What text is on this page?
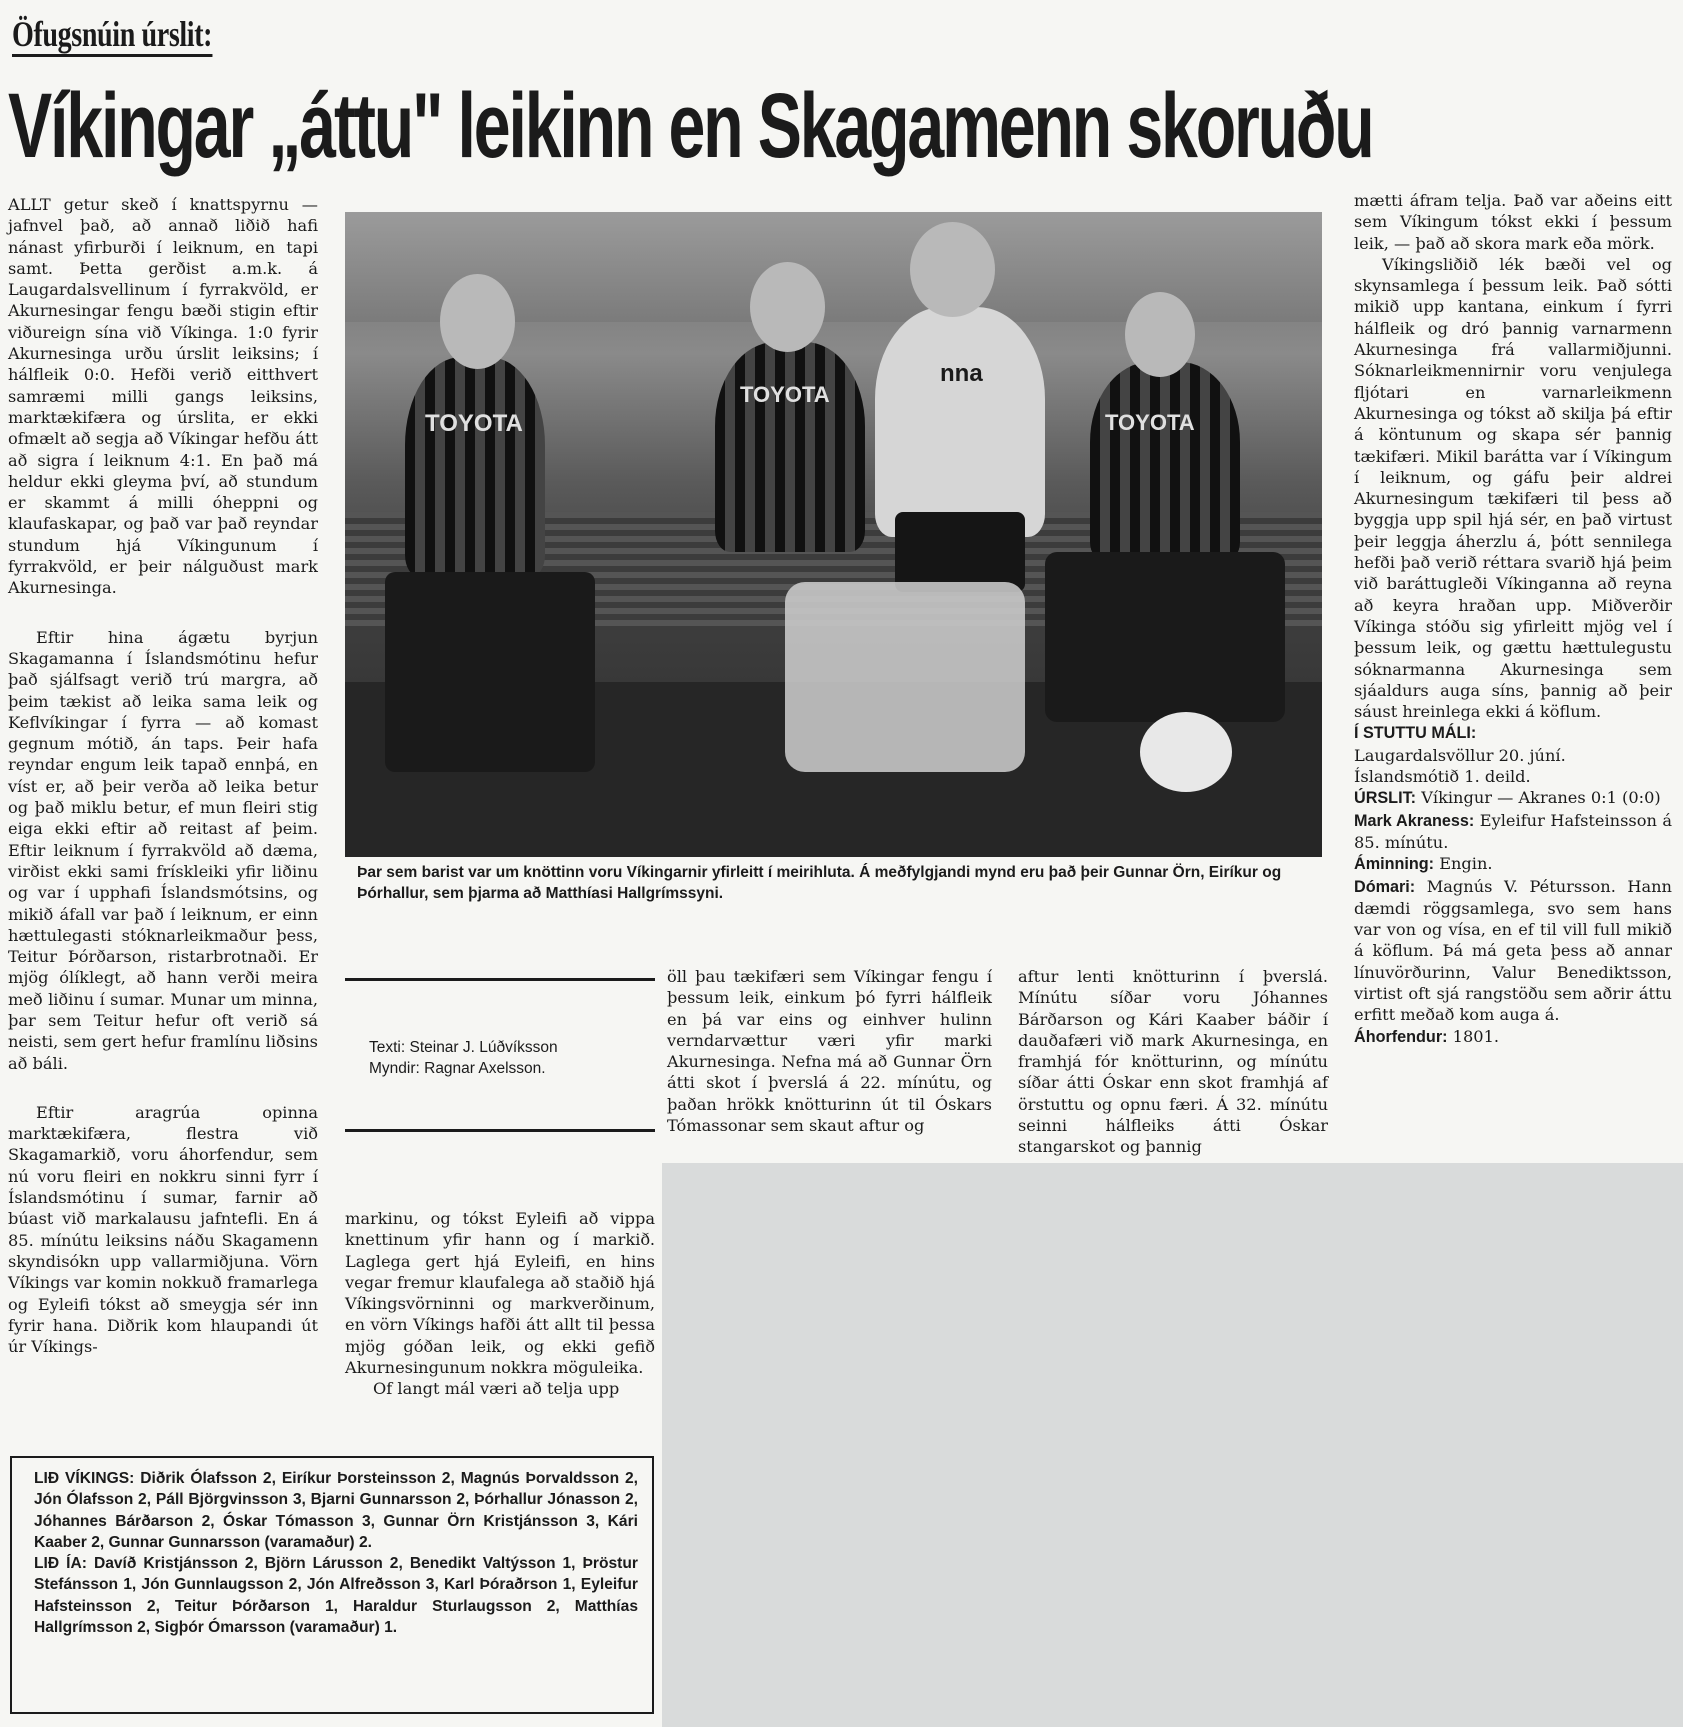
Öfugsnúin úrslit:
Víkingar „áttu" leikinn en Skagamenn skoruðu

ALLT getur skeð í knattspyrnu — jafnvel það, að annað liðið hafi nánast yfirburði í leiknum, en tapi samt. Þetta gerðist a.m.k. á Laugardalsvellinum í fyrrakvöld, er Akurnesingar fengu bæði stigin eftir viðureign sína við Víkinga. 1:0 fyrir Akurnesinga urðu úrslit leiksins; í hálfleik 0:0. Hefði verið eitthvert samræmi milli gangs leiksins, marktækifæra og úrslita, er ekki ofmælt að segja að Víkingar hefðu átt að sigra í leiknum 4:1. En það má heldur ekki gleyma því, að stundum er skammt á milli óheppni og klaufaskapar, og það var það reyndar stundum hjá Víkingunum í fyrrakvöld, er þeir nálguðust mark Akurnesinga.

Eftir hina ágætu byrjun Skagamanna í Íslandsmótinu hefur það sjálfsagt verið trú margra, að þeim tækist að leika sama leik og Keflvíkingar í fyrra — að komast gegnum mótið, án taps. Þeir hafa reyndar engum leik tapað ennþá, en víst er, að þeir verða að leika betur og það miklu betur, ef mun fleiri stig eiga ekki eftir að reitast af þeim. Eftir leiknum í fyrrakvöld að dæma, virðist ekki sami frískleiki yfir liðinu og var í upphafi Íslandsmótsins, og mikið áfall var það í leiknum, er einn hættulegasti stóknarleikmaður þess, Teitur Þórðarson, ristarbrotnaði. Er mjög ólíklegt, að hann verði meira með liðinu í sumar. Munar um minna, þar sem Teitur hefur oft verið sá neisti, sem gert hefur framlínu liðsins að báli.

Eftir aragrúa opinna marktækifæra, flestra við Skagamarkið, voru áhorfendur, sem nú voru fleiri en nokkru sinni fyrr í Íslandsmótinu í sumar, farnir að búast við markalausu jafntefli. En á 85. mínútu leiksins náðu Skagamenn skyndisókn upp vallarmiðjuna. Vörn Víkings var komin nokkuð framarlega og Eyleifi tókst að smeygja sér inn fyrir hana. Diðrik kom hlaupandi út úr Víkings-

TOYOTA
TOYOTA
nna
TOYOTA

Þar sem barist var um knöttinn voru Víkingarnir yfirleitt í meirihluta. Á meðfylgjandi mynd eru það þeir Gunnar Örn, Eiríkur og Þórhallur, sem þjarma að Matthíasi Hallgrímssyni.

Texti: Steinar J. Lúðvíksson
Myndir: Ragnar Axelsson.

markinu, og tókst Eyleifi að vippa knettinum yfir hann og í markið. Laglega gert hjá Eyleifi, en hins vegar fremur klaufalega að staðið hjá Víkingsvörninni og markverðinum, en vörn Víkings hafði átt allt til þessa mjög góðan leik, og ekki gefið Akurnesingunum nokkra möguleika.

Of langt mál væri að telja upp

öll þau tækifæri sem Víkingar fengu í þessum leik, einkum þó fyrri hálfleik en þá var eins og einhver hulinn verndarvættur væri yfir marki Akurnesinga. Nefna má að Gunnar Örn átti skot í þverslá á 22. mínútu, og þaðan hrökk knötturinn út til Óskars Tómassonar sem skaut aftur og

aftur lenti knötturinn í þverslá. Mínútu síðar voru Jóhannes Bárðarson og Kári Kaaber báðir í dauðafæri við mark Akurnesinga, en framhjá fór knötturinn, og mínútu síðar átti Óskar enn skot framhjá af örstuttu og opnu færi. Á 32. mínútu seinni hálfleiks átti Óskar stangarskot og þannig

mætti áfram telja. Það var aðeins eitt sem Víkingum tókst ekki í þessum leik, — það að skora mark eða mörk.

Víkingsliðið lék bæði vel og skynsamlega í þessum leik. Það sótti mikið upp kantana, einkum í fyrri hálfleik og dró þannig varnarmenn Akurnesinga frá vallarmiðjunni. Sóknarleikmennirnir voru venjulega fljótari en varnarleikmenn Akurnesinga og tókst að skilja þá eftir á köntunum og skapa sér þannig tækifæri. Mikil barátta var í Víkingum í leiknum, og gáfu þeir aldrei Akurnesingum tækifæri til þess að byggja upp spil hjá sér, en það virtust þeir leggja áherzlu á, þótt sennilega hefði það verið réttara svarið hjá þeim við baráttugleði Víkinganna að reyna að keyra hraðan upp. Miðverðir Víkinga stóðu sig yfirleitt mjög vel í þessum leik, og gættu hættulegustu sóknarmanna Akurnesinga sem sjáaldurs auga síns, þannig að þeir sáust hreinlega ekki á köflum.

Í STUTTU MÁLI:
Laugardalsvöllur 20. júní.
Íslandsmótið 1. deild.
ÚRSLIT: Víkingur — Akranes 0:1 (0:0)
Mark Akraness: Eyleifur Hafsteinsson á 85. mínútu.
Áminning: Engin.
Dómari: Magnús V. Pétursson. Hann dæmdi röggsamlega, svo sem hans var von og vísa, en ef til vill full mikið á köflum. Þá má geta þess að annar línuvörðurinn, Valur Benediktsson, virtist oft sjá rangstöðu sem aðrir áttu erfitt meðað kom auga á.
Áhorfendur: 1801.

LIÐ VÍKINGS: Diðrik Ólafsson 2, Eiríkur Þorsteinsson 2, Magnús Þorvaldsson 2, Jón Ólafsson 2, Páll Björgvinsson 3, Bjarni Gunnarsson 2, Þórhallur Jónasson 2, Jóhannes Bárðarson 2, Óskar Tómasson 3, Gunnar Örn Kristjánsson 3, Kári Kaaber 2, Gunnar Gunnarsson (varamaður) 2.

LIÐ ÍA: Davíð Kristjánsson 2, Björn Lárusson 2, Benedikt Valtýsson 1, Þröstur Stefánsson 1, Jón Gunnlaugsson 2, Jón Alfreðsson 3, Karl Þóraðrson 1, Eyleifur Hafsteinsson 2, Teitur Þórðarson 1, Haraldur Sturlaugsson 2, Matthías Hallgrímsson 2, Sigþór Ómarsson (varamaður) 1.
